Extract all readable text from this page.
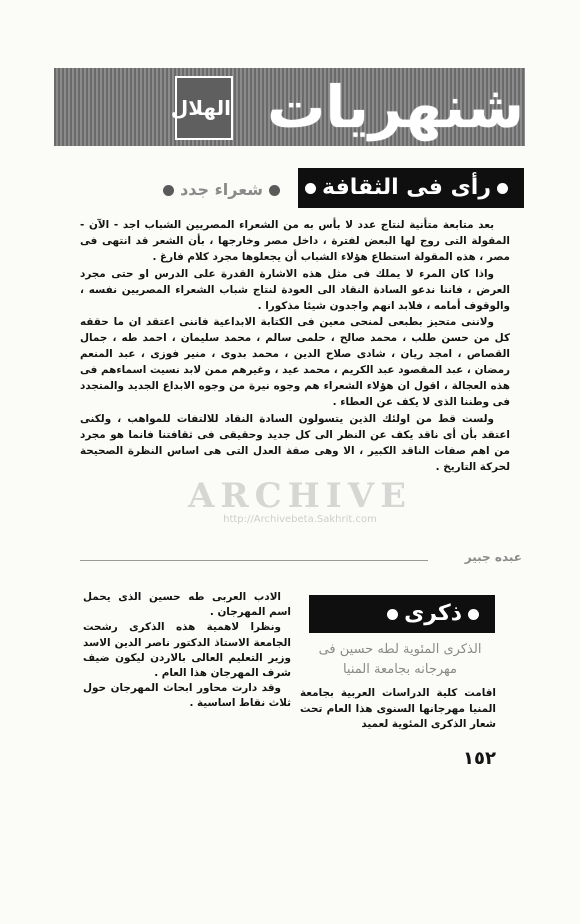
شنهريات
الهلال
رأى فى الثقافة
شعراء جدد

بعد متابعة متأنية لنتاج عدد لا بأس به من الشعراء المصريين الشباب اجد - الآن - المقولة التى روج لها البعض لفترة ، داخل مصر وخارجها ، بأن الشعر قد انتهى فى مصر ، هذه المقولة استطاع هؤلاء الشباب أن يجعلوها مجرد كلام فارغ .

واذا كان المرء لا يملك فى مثل هذه الاشارة القدرة على الدرس او حتى مجرد العرض ، فاننا ندعو السادة النقاد الى العودة لنتاج شباب الشعراء المصريين نفسه ، والوقوف أمامه ، فلابد انهم واجدون شيئا مذكورا .

ولاننى متحيز بطبعى لمنحى معين فى الكتابة الابداعية فاننى اعتقد ان ما حققه كل من حسن طلب ، محمد صالح ، حلمى سالم ، محمد سليمان ، احمد طه ، جمال القصاص ، امجد ريان ، شادى صلاح الدين ، محمد بدوى ، منير فوزى ، عبد المنعم رمضان ، عبد المقصود عبد الكريم ، محمد عيد ، وغيرهم ممن لابد نسيت اسماءهم فى هذه العجالة ، اقول ان هؤلاء الشعراء هم وجوه نيرة من وجوه الابداع الجديد والمتجدد فى وطننا الذى لا يكف عن العطاء .

ولست قط من اولئك الذين يتسولون السادة النقاد للالتفات للمواهب ، ولكنى اعتقد بأن أى ناقد يكف عن النظر الى كل جديد وحقيقى فى ثقافتنا فانما هو مجرد من اهم صفات الناقد الكبير ، الا وهى صفة العدل التى هى اساس النظرة الصحيحة لحركة التاريخ .

ARCHIVE
http://Archivebeta.Sakhrit.com
عبده جبير
ذكرى
الذكرى المئوية لطه حسين فى مهرجانه بجامعة المنيا
اقامت كلية الدراسات العربية بجامعة المنيا مهرجانها السنوى هذا العام تحت شعار الذكرى المئوية لعميد

الادب العربى طه حسين الذى يحمل اسم المهرجان .

ونظرا لاهمية هذه الذكرى رشحت الجامعة الاستاذ الدكتور ناصر الدين الاسد وزير التعليم العالى بالاردن ليكون ضيف شرف المهرجان هذا العام .

وقد دارت محاور ابحاث المهرجان حول ثلاث نقاط اساسية .

١٥٢
